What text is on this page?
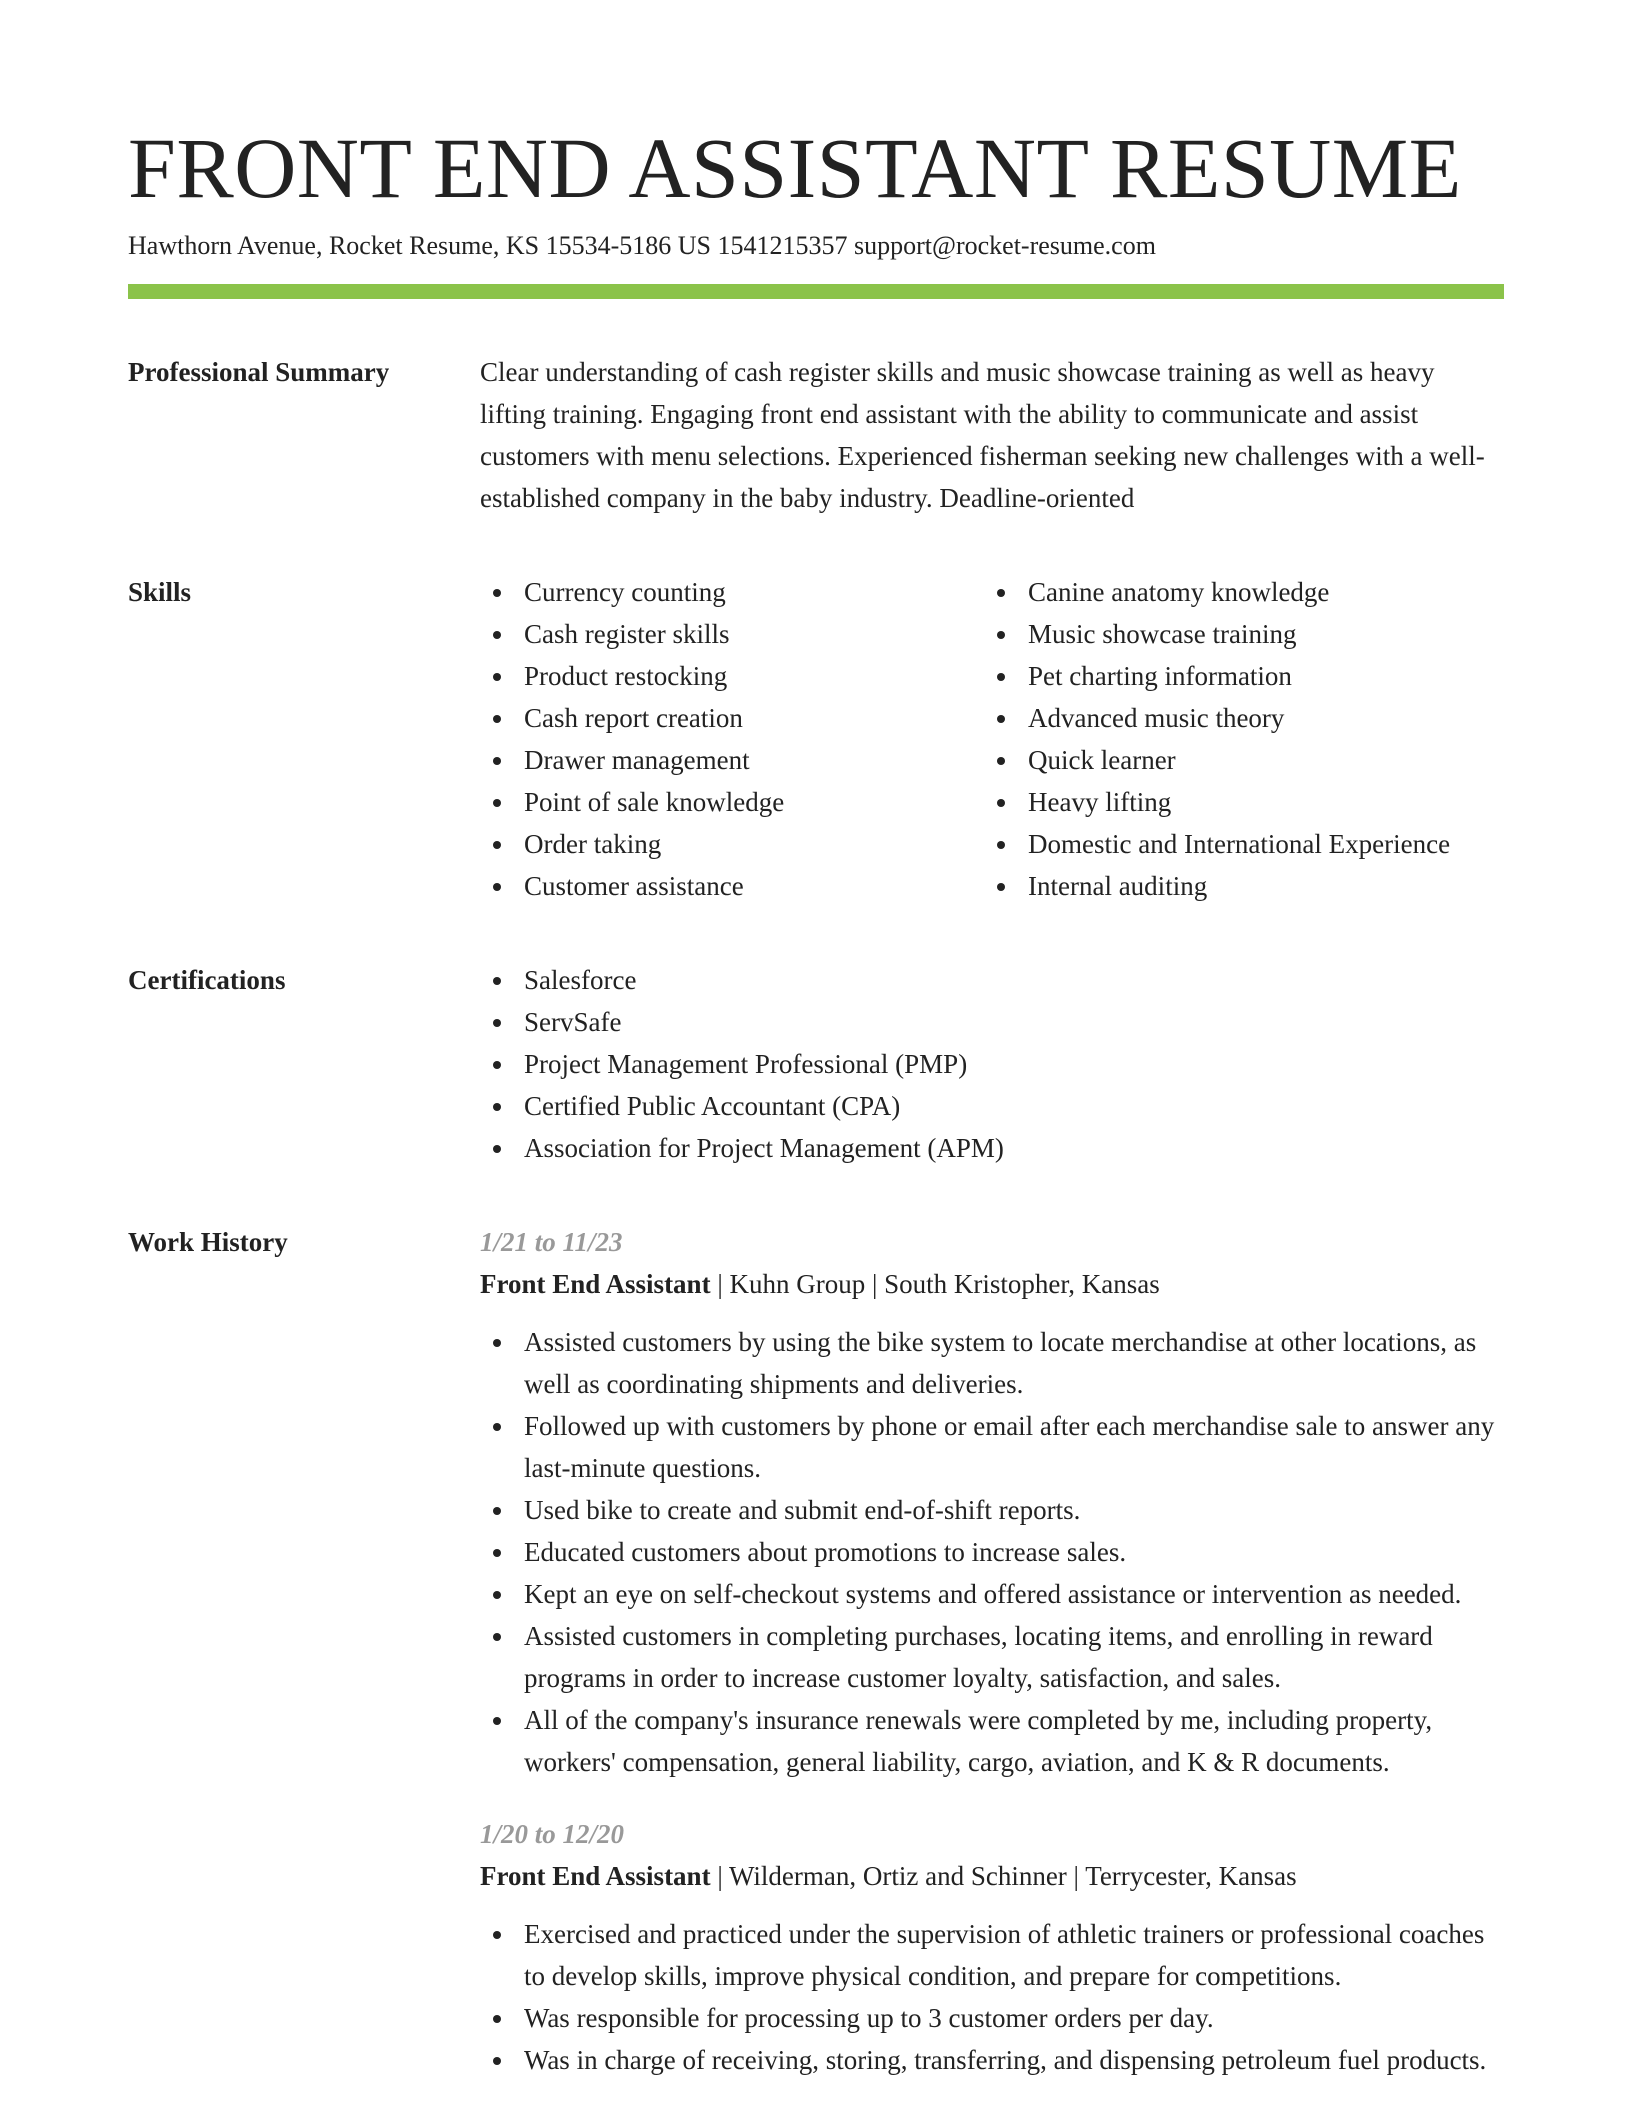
FRONT END ASSISTANT RESUME
Hawthorn Avenue, Rocket Resume, KS 15534-5186 US 1541215357 support@rocket-resume.com
Professional Summary	Clear understanding of cash register skills and music showcase training as well as heavy lifting training. Engaging front end assistant with the ability to communicate and assist customers with menu selections. Experienced fisherman seeking new challenges with a well-established company in the baby industry. Deadline-oriented
Skills	Currency counting
Cash register skills
Product restocking
Cash report creation
Drawer management
Point of sale knowledge
Order taking
Customer assistance
Canine anatomy knowledge
Music showcase training
Pet charting information
Advanced music theory
Quick learner
Heavy lifting
Domestic and International Experience
Internal auditing
Certifications	Salesforce
ServSafe
Project Management Professional (PMP)
Certified Public Accountant (CPA)
Association for Project Management (APM)
Work History	1/21 to 11/23
Front End Assistant | Kuhn Group | South Kristopher, Kansas
Assisted customers by using the bike system to locate merchandise at other locations, as well as coordinating shipments and deliveries.
Followed up with customers by phone or email after each merchandise sale to answer any last-minute questions.
Used bike to create and submit end-of-shift reports.
Educated customers about promotions to increase sales.
Kept an eye on self-checkout systems and offered assistance or intervention as needed.
Assisted customers in completing purchases, locating items, and enrolling in reward programs in order to increase customer loyalty, satisfaction, and sales.
All of the company's insurance renewals were completed by me, including property, workers' compensation, general liability, cargo, aviation, and K & R documents.
1/20 to 12/20
Front End Assistant | Wilderman, Ortiz and Schinner | Terrycester, Kansas
Exercised and practiced under the supervision of athletic trainers or professional coaches to develop skills, improve physical condition, and prepare for competitions.
Was responsible for processing up to 3 customer orders per day.
Was in charge of receiving, storing, transferring, and dispensing petroleum fuel products.
